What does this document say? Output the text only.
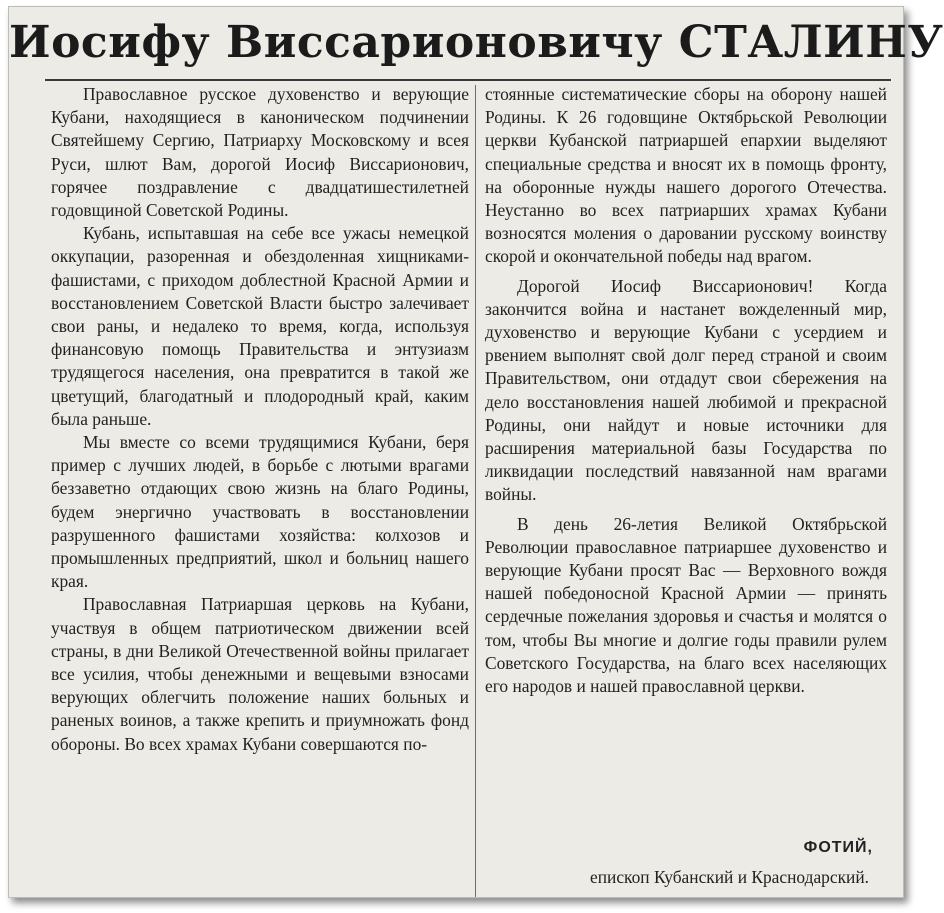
Иосифу Виссарионовичу СТАЛИНУ

Православное русское духовенство и верующие Кубани, находящиеся в каноническом подчинении Святейшему Сергию, Патриарху Московскому и всея Руси, шлют Вам, дорогой Иосиф Виссарионович, горячее поздравление с двадцатишестилетней годовщиной Советской Родины.

Кубань, испытавшая на себе все ужасы немецкой оккупации, разоренная и обездоленная хищниками-фашистами, с приходом доблестной Красной Армии и восстановлением Советской Власти быстро залечивает свои раны, и недалеко то время, когда, используя финансовую помощь Правительства и энтузиазм трудящегося населения, она превратится в такой же цветущий, благодатный и плодородный край, каким была раньше.

Мы вместе со всеми трудящимися Кубани, беря пример с лучших людей, в борьбе с лютыми врагами беззаветно отдающих свою жизнь на благо Родины, будем энергично участвовать в восстановлении разрушенного фашистами хозяйства: колхозов и промышленных предприятий, школ и больниц нашего края.

Православная Патриаршая церковь на Кубани, участвуя в общем патриотическом движении всей страны, в дни Великой Отечественной войны прилагает все усилия, чтобы денежными и вещевыми взносами верующих облегчить положение наших больных и раненых воинов, а также крепить и приумножать фонд обороны. Во всех храмах Кубани совершаются по-

стоянные систематические сборы на оборону нашей Родины. К 26 годовщине Октябрьской Революции церкви Кубанской патриаршей епархии выделяют специальные средства и вносят их в помощь фронту, на оборонные нужды нашего дорогого Отечества. Неустанно во всех патриарших храмах Кубани возносятся моления о даровании русскому воинству скорой и окончательной победы над врагом.

Дорогой Иосиф Виссарионович! Когда закончится война и настанет вожделенный мир, духовенство и верующие Кубани с усердием и рвением выполнят свой долг перед страной и своим Правительством, они отдадут свои сбережения на дело восстановления нашей любимой и прекрасной Родины, они найдут и новые источники для расширения материальной базы Государства по ликвидации последствий навязанной нам врагами войны.

В день 26-летия Великой Октябрьской Революции православное патриаршее духовенство и верующие Кубани просят Вас — Верховного вождя нашей победоносной Красной Армии — принять сердечные пожелания здоровья и счастья и молятся о том, чтобы Вы многие и долгие годы правили рулем Советского Государства, на благо всех населяющих его народов и нашей православной церкви.

ФОТИЙ,
епископ Кубанский и Краснодарский.
